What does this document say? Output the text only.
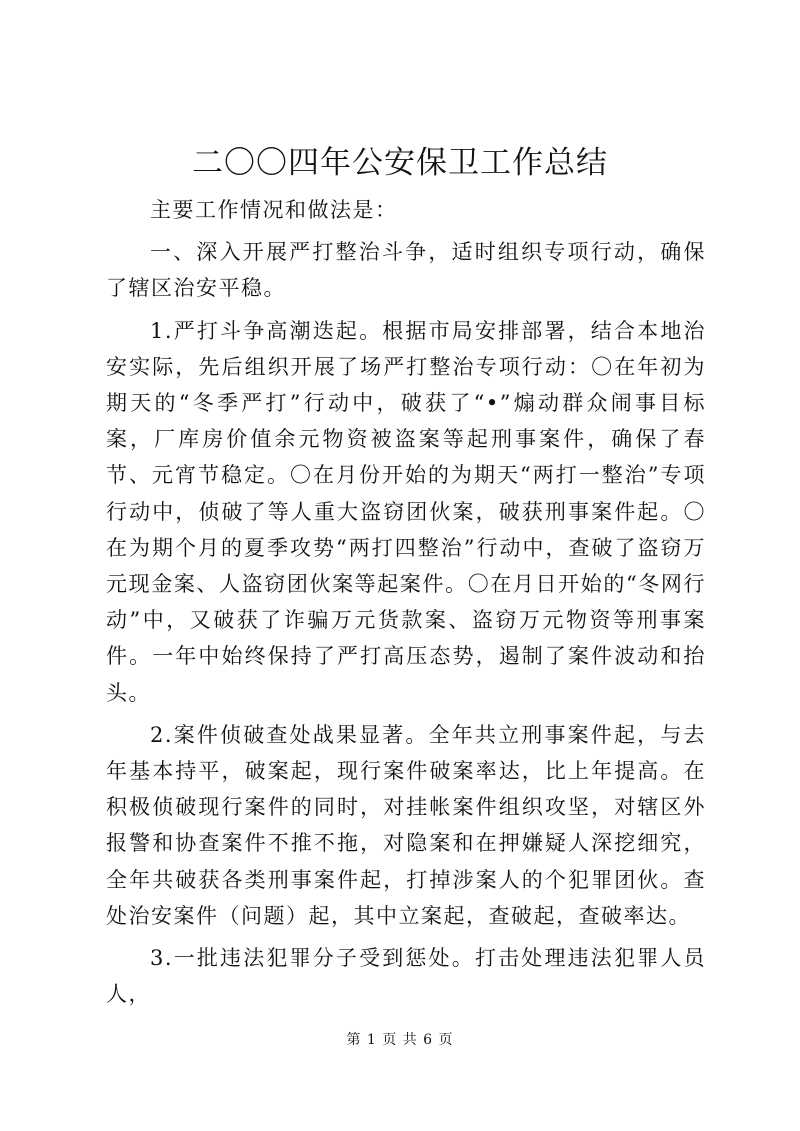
二〇〇四年公安保卫工作总结

主要工作情况和做法是：

一、深入开展严打整治斗争，适时组织专项行动，确保了辖区治安平稳。

1.严打斗争高潮迭起。根据市局安排部署，结合本地治安实际，先后组织开展了场严打整治专项行动：〇在年初为期天的“冬季严打”行动中，破获了“•”煽动群众闹事目标案，厂库房价值余元物资被盗案等起刑事案件，确保了春节、元宵节稳定。〇在月份开始的为期天“两打一整治”专项行动中，侦破了等人重大盗窃团伙案，破获刑事案件起。〇在为期个月的夏季攻势“两打四整治”行动中，查破了盗窃万元现金案、人盗窃团伙案等起案件。〇在月日开始的“冬网行动”中，又破获了诈骗万元货款案、盗窃万元物资等刑事案件。一年中始终保持了严打高压态势，遏制了案件波动和抬头。

2.案件侦破查处战果显著。全年共立刑事案件起，与去年基本持平，破案起，现行案件破案率达，比上年提高。在积极侦破现行案件的同时，对挂帐案件组织攻坚，对辖区外报警和协查案件不推不拖，对隐案和在押嫌疑人深挖细究，全年共破获各类刑事案件起，打掉涉案人的个犯罪团伙。查处治安案件（问题）起，其中立案起，查破起，查破率达。

3.一批违法犯罪分子受到惩处。打击处理违法犯罪人员人，

第 1 页 共 6 页
